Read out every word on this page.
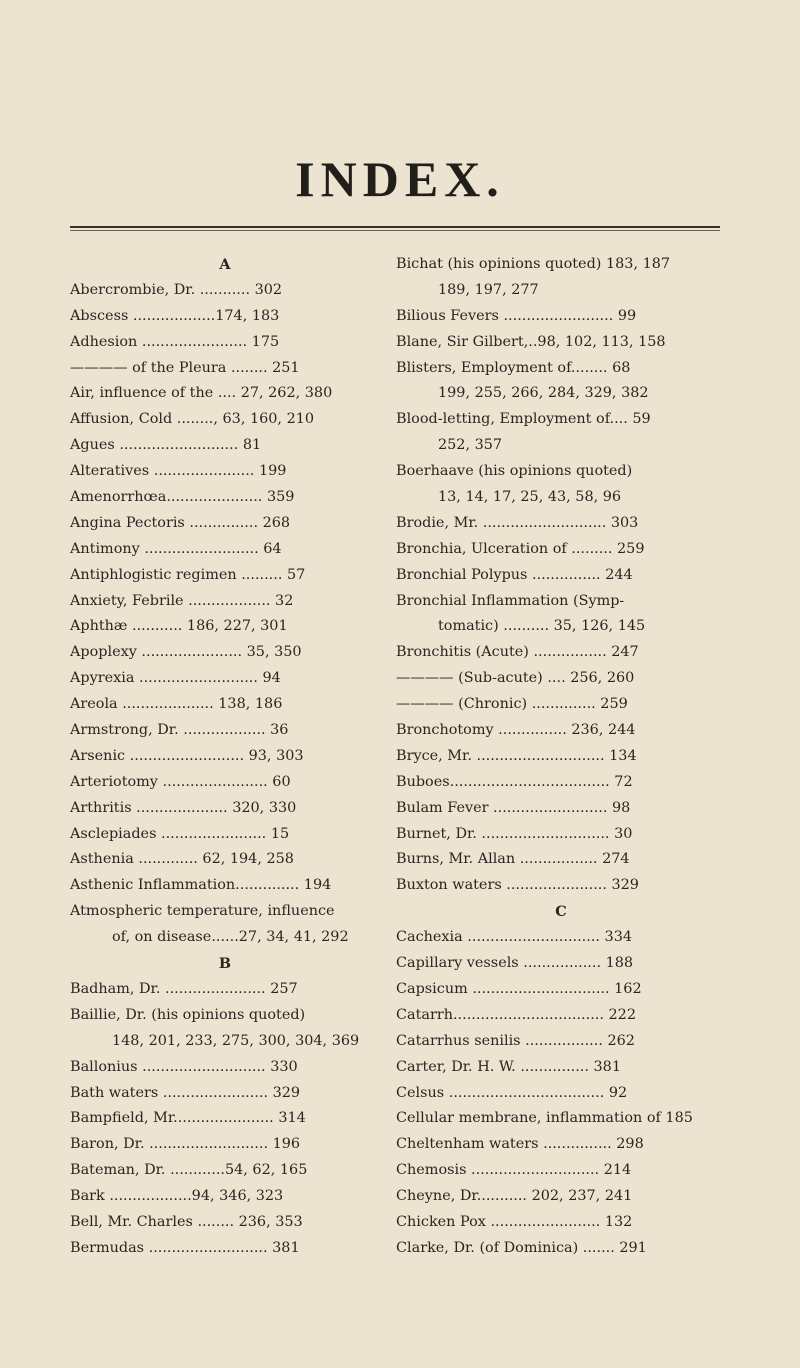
INDEX.
A
Abercrombie, Dr. ........... 302
Abscess ..................174, 183
Adhesion ....................... 175
———— of the Pleura ........ 251
Air, influence of the .... 27, 262, 380
Affusion, Cold ........, 63, 160, 210
Agues .......................... 81
Alteratives ...................... 199
Amenorrhœa..................... 359
Angina Pectoris ............... 268
Antimony ......................... 64
Antiphlogistic regimen ......... 57
Anxiety, Febrile .................. 32
Aphthæ ........... 186, 227, 301
Apoplexy ...................... 35, 350
Apyrexia .......................... 94
Areola .................... 138, 186
Armstrong, Dr. .................. 36
Arsenic ......................... 93, 303
Arteriotomy ....................... 60
Arthritis .................... 320, 330
Asclepiades ....................... 15
Asthenia ............. 62, 194, 258
Asthenic Inflammation.............. 194
Atmospheric temperature, influence
of, on disease......27, 34, 41, 292
B
Badham, Dr. ...................... 257
Baillie, Dr. (his opinions quoted)
148, 201, 233, 275, 300, 304, 369
Ballonius ........................... 330
Bath waters ....................... 329
Bampfield, Mr...................... 314
Baron, Dr. .......................... 196
Bateman, Dr. ............54, 62, 165
Bark ..................94, 346, 323
Bell, Mr. Charles ........ 236, 353
Bermudas .......................... 381
Bichat (his opinions quoted) 183, 187
189, 197, 277
Bilious Fevers ........................ 99
Blane, Sir Gilbert,..98, 102, 113, 158
Blisters, Employment of........ 68
199, 255, 266, 284, 329, 382
Blood-letting, Employment of.... 59
252, 357
Boerhaave (his opinions quoted)
13, 14, 17, 25, 43, 58, 96
Brodie, Mr. ........................... 303
Bronchia, Ulceration of ......... 259
Bronchial Polypus ............... 244
Bronchial Inflammation (Symp-
tomatic) .......... 35, 126, 145
Bronchitis (Acute) ................ 247
———— (Sub-acute) .... 256, 260
———— (Chronic) .............. 259
Bronchotomy ............... 236, 244
Bryce, Mr. ............................ 134
Buboes................................... 72
Bulam Fever ......................... 98
Burnet, Dr. ............................ 30
Burns, Mr. Allan ................. 274
Buxton waters ...................... 329
C
Cachexia ............................. 334
Capillary vessels ................. 188
Capsicum .............................. 162
Catarrh................................. 222
Catarrhus senilis ................. 262
Carter, Dr. H. W. ............... 381
Celsus .................................. 92
Cellular membrane, inflammation of 185
Cheltenham waters ............... 298
Chemosis ............................ 214
Cheyne, Dr........... 202, 237, 241
Chicken Pox ........................ 132
Clarke, Dr. (of Dominica) ....... 291
